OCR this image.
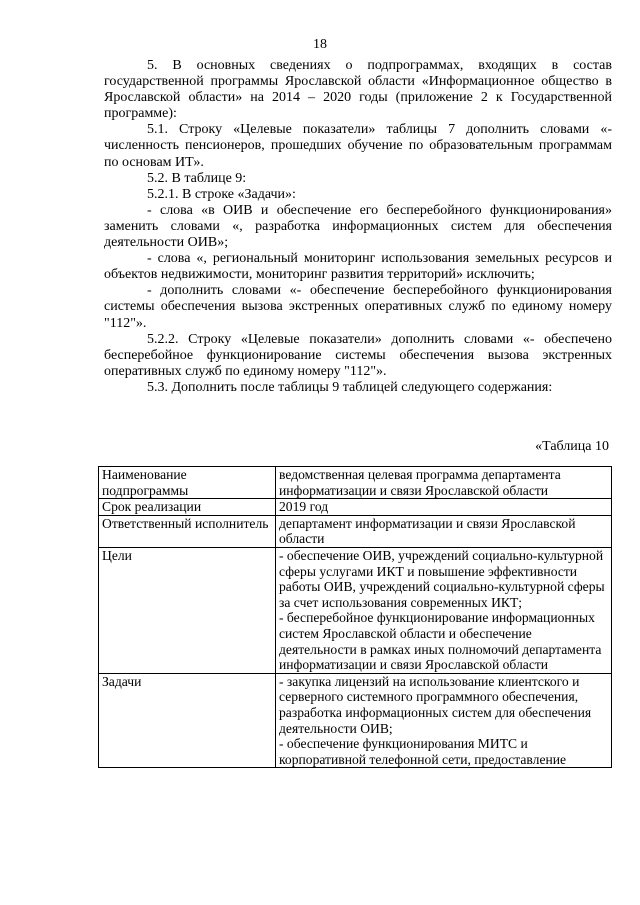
18

5. В основных сведениях о подпрограммах, входящих в состав государственной программы Ярославской области «Информационное общество в Ярославской области» на 2014 – 2020 годы (приложение 2 к Государственной программе):

5.1. Строку «Целевые показатели» таблицы 7 дополнить словами «- численность пенсионеров, прошедших обучение по образовательным программам по основам ИТ».

5.2. В таблице 9:

5.2.1. В строке «Задачи»:

- слова «в ОИВ и обеспечение его бесперебойного функционирования» заменить словами «, разработка информационных систем для обеспечения деятельности ОИВ»;

- слова «, региональный мониторинг использования земельных ресурсов и объектов недвижимости, мониторинг развития территорий» исключить;

- дополнить словами «- обеспечение бесперебойного функционирования системы обеспечения вызова экстренных оперативных служб по единому номеру "112"».

5.2.2. Строку «Целевые показатели» дополнить словами «- обеспечено бесперебойное функционирование системы обеспечения вызова экстренных оперативных служб по единому номеру "112"».

5.3. Дополнить после таблицы 9 таблицей следующего содержания:

«Таблица 10
Наименование подпрограммы	ведомственная целевая программа департамента информатизации и связи Ярославской области
Срок реализации	2019 год
Ответственный исполнитель	департамент информатизации и связи Ярославской области
Цели	- обеспечение ОИВ, учреждений социально-культурной сферы услугами ИКТ и повышение эффективности работы ОИВ, учреждений социально-культурной сферы за счет использования современных ИКТ;
- бесперебойное функционирование информационных систем Ярославской области и обеспечение деятельности в рамках иных полномочий департамента информатизации и связи Ярославской области
Задачи	- закупка лицензий на использование клиентского и серверного системного программного обеспечения, разработка информационных систем для обеспечения деятельности ОИВ;
- обеспечение функционирования МИТС и корпоративной телефонной сети, предоставление
